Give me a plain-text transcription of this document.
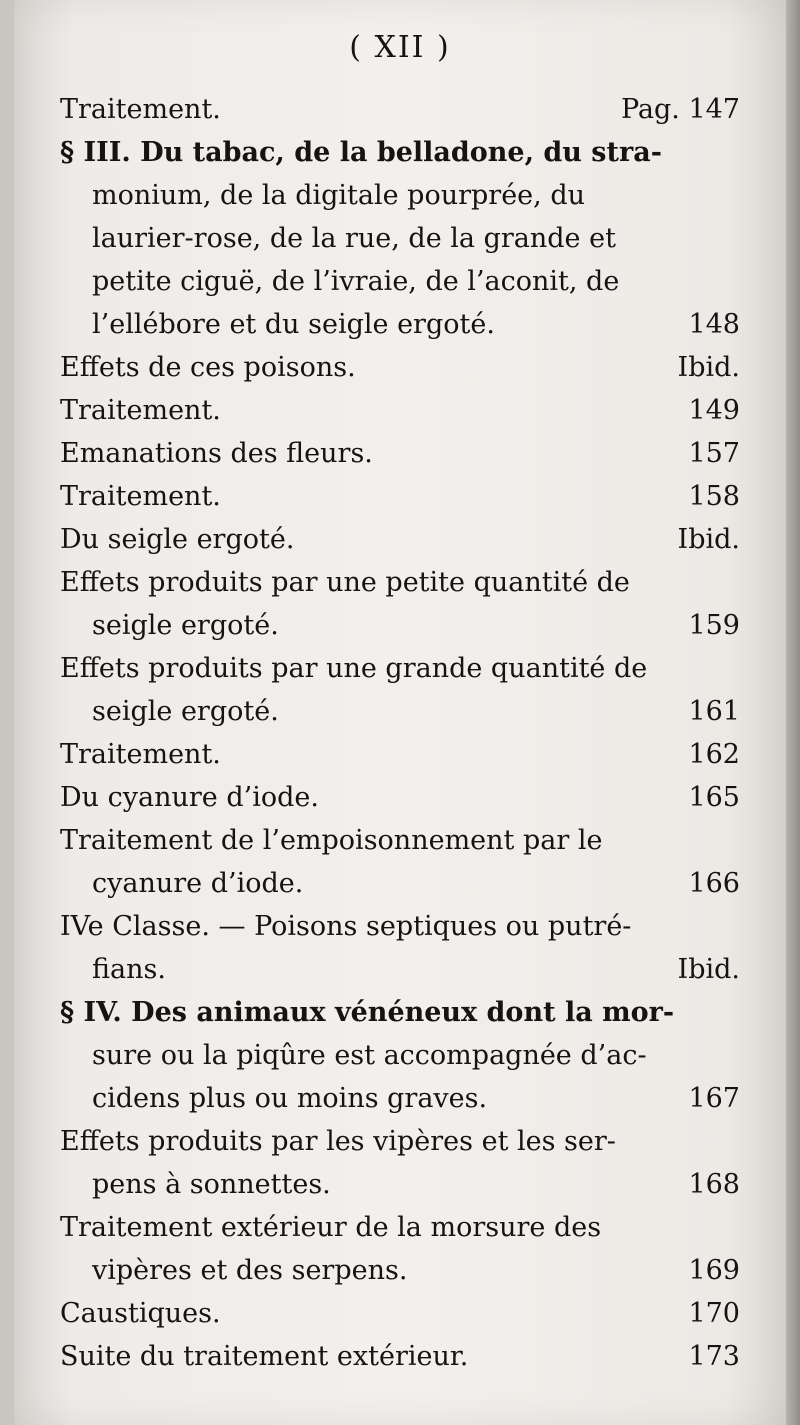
( XII )
Traitement.	Pag. 147
§ III. Du tabac, de la belladone, du stra-
monium, de la digitale pourprée, du
laurier-rose, de la rue, de la grande et
petite ciguë, de l’ivraie, de l’aconit, de
l’ellébore et du seigle ergoté.	148
Effets de ces poisons.	Ibid.
Traitement.	149
Emanations des fleurs.	157
Traitement.	158
Du seigle ergoté.	Ibid.
Effets produits par une petite quantité de
seigle ergoté.	159
Effets produits par une grande quantité de
seigle ergoté.	161
Traitement.	162
Du cyanure d’iode.	165
Traitement de l’empoisonnement par le
cyanure d’iode.	166
IVe Classe. — Poisons septiques ou putré-
fians.	Ibid.
§ IV. Des animaux vénéneux dont la mor-
sure ou la piqûre est accompagnée d’ac-
cidens plus ou moins graves.	167
Effets produits par les vipères et les ser-
pens à sonnettes.	168
Traitement extérieur de la morsure des
vipères et des serpens.	169
Caustiques.	170
Suite du traitement extérieur.	173
